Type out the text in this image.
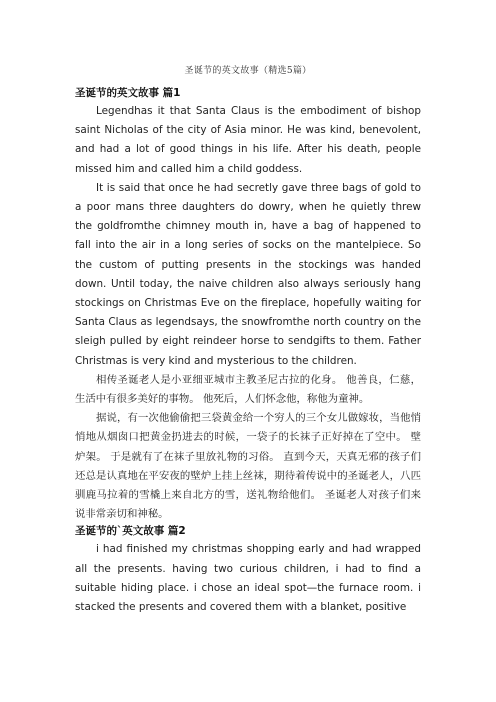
圣诞节的英文故事（精选5篇）
圣诞节的英文故事 篇1

Legendhas it that Santa Claus is the embodiment of bishop saint Nicholas of the city of Asia minor. He was kind, benevolent, and had a lot of good things in his life. After his death, people missed him and called him a child goddess.

It is said that once he had secretly gave three bags of gold to a poor mans three daughters do dowry, when he quietly threw the goldfromthe chimney mouth in, have a bag of happened to fall into the air in a long series of socks on the mantelpiece. So the custom of putting presents in the stockings was handed down. Until today, the naive children also always seriously hang stockings on Christmas Eve on the fireplace, hopefully waiting for Santa Claus as legendsays, the snowfromthe north country on the sleigh pulled by eight reindeer horse to sendgifts to them. Father Christmas is very kind and mysterious to the children.

相传圣诞老人是小亚细亚城市主教圣尼古拉的化身。 他善良，仁慈，生活中有很多美好的事物。 他死后，人们怀念他，称他为童神。

据说，有一次他偷偷把三袋黄金给一个穷人的三个女儿做嫁妆，当他悄悄地从烟囱口把黄金扔进去的时候，一袋子的长袜子正好掉在了空中。 壁炉架。 于是就有了在袜子里放礼物的习俗。 直到今天，天真无邪的孩子们还总是认真地在平安夜的壁炉上挂上丝袜，期待着传说中的圣诞老人，八匹驯鹿马拉着的雪橇上来自北方的雪，送礼物给他们。 圣诞老人对孩子们来说非常亲切和神秘。

圣诞节的`英文故事 篇2

i had finished my christmas shopping early and had wrapped all the presents. having two curious children, i had to find a suitable hiding place. i chose an ideal spot—the furnace room. i stacked the presents and covered them with a blanket, positive
